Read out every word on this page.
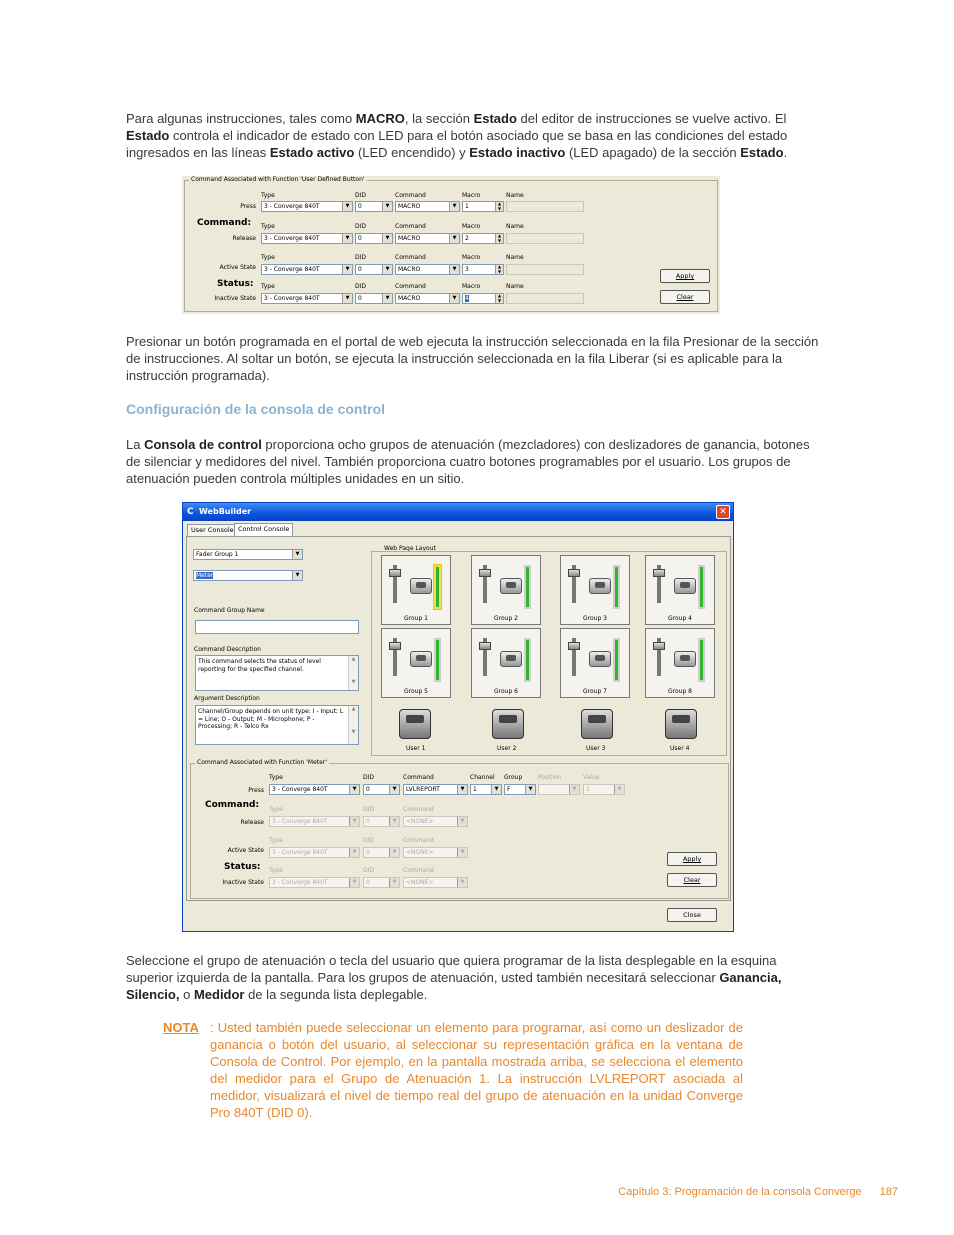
Para algunas instrucciones, tales como MACRO, la sección Estado del editor de instrucciones se vuelve activo. El Estado controla el indicador de estado con LED para el botón asociado que se basa en las condiciones del estado ingresados en las líneas Estado activo (LED encendido) y Estado inactivo (LED apagado) de la sección Estado.

Command Associated with Function 'User Defined Button'
Command:
Status:
Type	DID	Command	Macro	Name
Press	3 - Converge 840T	▼	0	▼	MACRO	▼	1	▲
▼
Type	DID	Command	Macro	Name
Release	3 - Converge 840T	▼	0	▼	MACRO	▼	2	▲
▼
Type	DID	Command	Macro	Name
Active State	3 - Converge 840T	▼	0	▼	MACRO	▼	3	▲
▼
Type	DID	Command	Macro	Name
Inactive State	3 - Converge 840T	▼	0	▼	MACRO	▼	4	▲
▼
Apply
Clear

Presionar un botón programada en el portal de web ejecuta la instrucción seleccionada en la fila Presionar de la sección de instrucciones. Al soltar un botón, se ejecuta la instrucción seleccionada en la fila Liberar (si es aplicable para la instrucción programada).

Configuración de la consola de control

La Consola de control proporciona ocho grupos de atenuación (mezcladores) con deslizadores de ganancia, botones de silenciar y medidores del nivel. También proporciona cuatro botones programables por el usuario. Los grupos de atenuación pueden controla múltiples unidades en un sitio.

C WebBuilder	✕
User Console Control Console
Fader Group 1	▼
Meter	▼
Command Group Name
Command Description
This command selects the status of level reporting for the specified channel.
▲

▼
Argument Description
Channel/Group depends on unit type: I - Input; L = Line; O - Output; M - Microphone; P - Processing; R - Telco Rx
▲

▼
Web Page Layout
Group 1	Group 2	Group 3	Group 4
Group 5	Group 6	Group 7	Group 8
User 1	User 2	User 3	User 4
Command Associated with Function 'Meter'
Command:
Status:
Type	DID	Command	Channel Group	Position	Value
Press	3 - Converge 840T	▼	0	▼	LVLREPORT	▼	1	▼	F	▼	▼	1	▼
Type	DID	Command
Release	3 - Converge 840T	▼	0	▼	<NONE>	▼
Type	DID	Command
Active State	3 - Converge 840T	▼	0	▼	<NONE>	▼
Type	DID	Command
Inactive State	3 - Converge 840T	▼	0	▼	<NONE>	▼
Apply
Clear
Close

Seleccione el grupo de atenuación o tecla del usuario que quiera programar de la lista desplegable en la esquina superior izquierda de la pantalla. Para los grupos de atenuación, usted también necesitará seleccionar Ganancia, Silencio, o Medidor de la segunda lista deplegable.

NOTA : Usted también puede seleccionar un elemento para programar, así como un deslizador de ganancia o botón del usuario, al seleccionar su representación gráfica en la ventana de Consola de Control. Por ejemplo, en la pantalla mostrada arriba, se selecciona el elemento del medidor para el Grupo de Atenuación 1. La instrucción LVLREPORT asociada al medidor, visualizará el nivel de tiempo real del grupo de atenuación en la unidad Converge Pro 840T (DID 0).
Capítulo 3: Programación de la consola Converge 187
